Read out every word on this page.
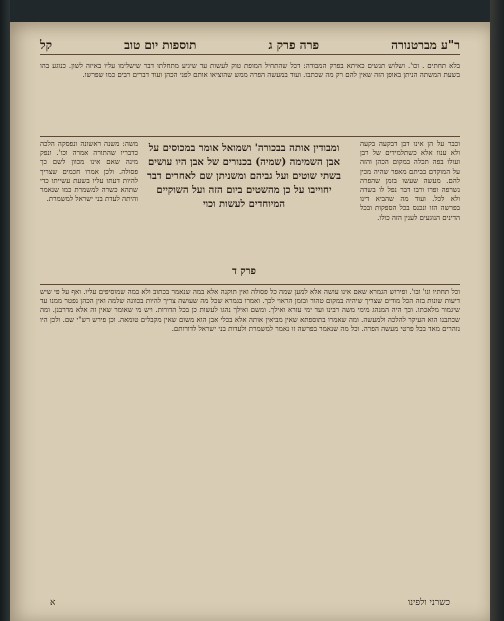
ר"ע מברטנורה
פרה פרק ג
תוספות יום טוב
קל

בלא תחתים . וכו'. ושלוש תנשים כאיתא בפרק המבודה: דכל שהתחיל המופת טוק לעשות עד שיגיע מתחלתו דבר שישלימו עליו באיזה לשון. כנוגע בהו בשעת המשתה הניתן באופן הזה שאין להם רק מה שכתבו. ועוד במעשה הפרה ממש שהוציאו אותם לפני הכהן ועוד דברים רבים כמו שפרשו.

וכבר על הן אינו דבן דבקעה בקעה ולא ענוו אלא כשתלמידים של רבן ועולו בפה תכלה במקום הכהן והזה על המוקדם בביתם מאפר שהיה מכין להם. מעשה שעשו בזמן שהפרה נשרפה ופרו ורבו דבר נפל לו בשדה ולא לכל. ועוד מה שהביא דינו בפרשה הזו ונכנס בכל הספקות ובכל הדינים הנוגעים לענין הזה כולו.

ומבודין אותה בבכורה' ושמואל אומר במכוסים על אבן השמימה (שמיה) בכנורים של אבן היו עושים בשתי שוטים ועל גביהם ומשניתן שם לאחרים דבר יחוייבו על כן מהשטים ביום הזה ועל השוקיים המיוחדים לעשות וכוי

פרק ד

משה: משנה ראשונה ונפסקה הלכה כדבריו שהתורה אמרה וכו'. ונפק מינה שאם אינו מכוון לשם כך פסולה. ולכן אמרו חכמים שצריך להיות דעתו עליו בשעת עשייתו כדי שתהא כשרה למשמרת כמו שנאמר והיתה לעדת בני ישראל למשמרת.

וכל תחתיו ונו' ובו'. ופירוש הגמרא שאם אינו עושה אלא למען שמה כל פסולה ואין תוקנה אלא במה שנאמר בכתוב ולא במה שמוסיפים עליו. ואף על פי שיש דיעות שונות בזה הכל מודים שצריך שיהיה במקום טהור ובזמן הראוי לכך. ואמרו בגמרא שכל מה שעושה צריך להיות בכוונה שלמה ואין הכהן נפטר ממנו עד שיגמור מלאכתו. וכך היה המנהג מימי משה רבינו ועד ימי עזרא ואילך. ומשם ואילך נהגו לעשות כן בכל הדורות. ויש מי שאומר שאין זה אלא מדרבנן. ומה שכתבנו הוא העיקר להלכה ולמעשה. ומה שאמרו בתוספתא שאין מביאין אותה אלא בכלי אבן הוא משום שאין מקבלים טומאה. וכן פירש רש"י שם. ולכן היו נזהרים מאד בכל פרטי מעשה הפרה. וכל מה שנאמר בפרשה זו נאמר למשמרת ולעדות בני ישראל לדורותם.

כשרני ולפינו
א
